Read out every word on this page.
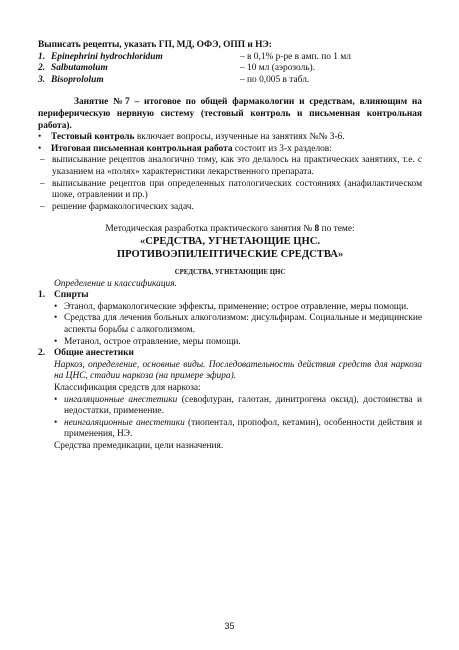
Выписать рецепты, указать ГП, МД, ОФЭ, ОПП и НЭ:
1. Epinephrini hydrochloridum	– в 0,1% р-ре в амп. по 1 мл
2. Salbutamolum	– 10 мл (аэрозоль).
3. Bisoprololum	– по 0,005 в табл.
Занятие №7 – итоговое по общей фармакологии и средствам, влияющим на периферическую нервную систему (тестовый контроль и письменная контрольная работа).
•	Тестовый контроль включает вопросы, изученные на занятиях №№ 3-6.
•	Итоговая письменная контрольная работа состоит из 3-х разделов:
– выписывание рецептов аналогично тому, как это делалось на практических занятиях, т.е. с указанием на «полях» характеристики лекарственного препарата.
– выписывание рецептов при определенных патологических состояниях (анафилактическом шоке, отравлении и пр.)
– решение фармакологических задач.
Методическая разработка практического занятия № 8 по теме:
«СРЕДСТВА, УГНЕТАЮЩИЕ ЦНС.
ПРОТИВОЭПИЛЕПТИЧЕСКИЕ СРЕДСТВА»
СРЕДСТВА, УГНЕТАЮЩИЕ ЦНС
Определение и классификация.
1. Спирты
• Этанол, фармакологические эффекты, применение; острое отравление, меры помощи.
• Средства для лечения больных алкоголизмом: дисульфирам. Социальные и медицинские аспекты борьбы с алкоголизмом.
• Метанол, острое отравление, меры помощи.
2. Общие анестетики
Наркоз, определение, основные виды. Последовательность действия средств для наркоза на ЦНС, стадии наркоза (на примере эфира).
Классификация средств для наркоза:
• ингаляционные анестетики (севофлуран, галотан, динитрогена оксид), достоинства и недостатки, применение.
• неингаляционные анестетики (тиопентал, пропофол, кетамин), особенности действия и применения, НЭ.
Средства премедикации, цели назначения.
35
